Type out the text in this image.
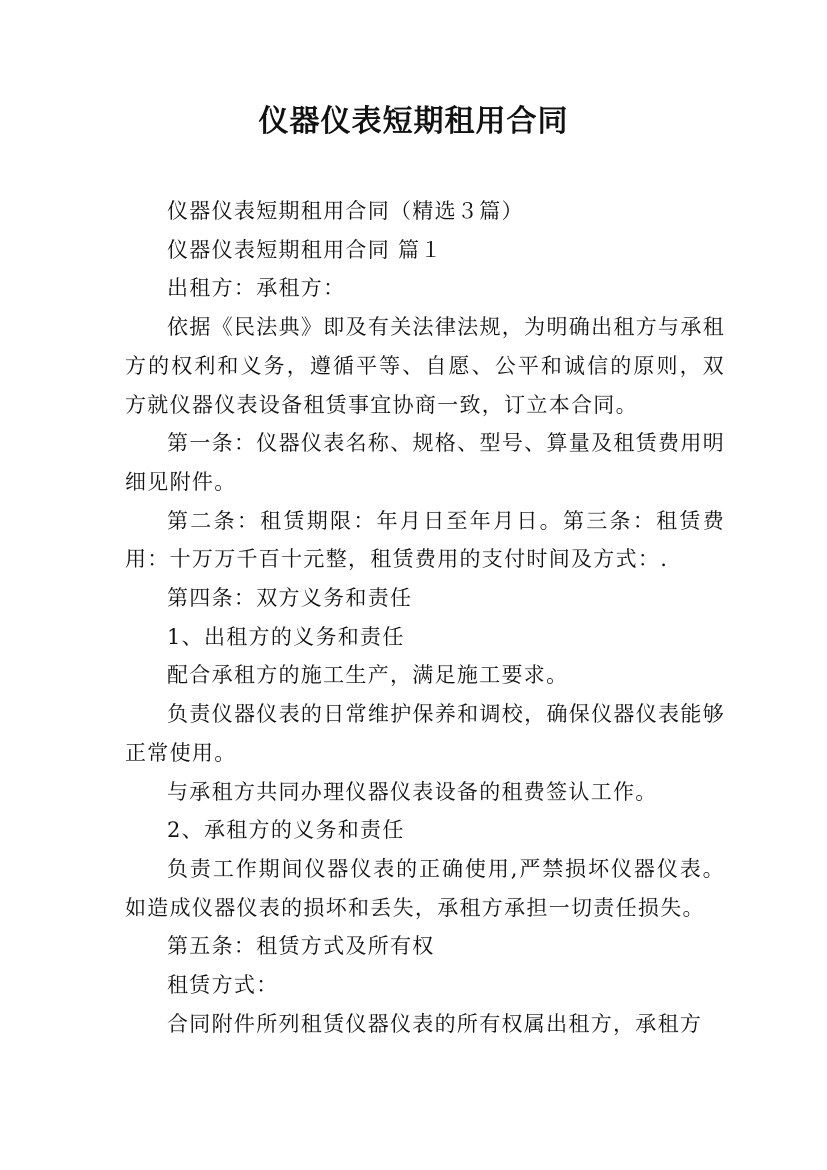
仪器仪表短期租用合同

仪器仪表短期租用合同（精选３篇）

仪器仪表短期租用合同 篇１

出租方：承租方：

依据《民法典》即及有关法律法规，为明确出租方与承租方的权利和义务，遵循平等、自愿、公平和诚信的原则，双方就仪器仪表设备租赁事宜协商一致，订立本合同。

第一条：仪器仪表名称、规格、型号、算量及租赁费用明细见附件。

第二条：租赁期限：年月日至年月日。第三条：租赁费用：十万万千百十元整，租赁费用的支付时间及方式：.

第四条：双方义务和责任

1、出租方的义务和责任

配合承租方的施工生产，满足施工要求。

负责仪器仪表的日常维护保养和调校，确保仪器仪表能够正常使用。

与承租方共同办理仪器仪表设备的租费签认工作。

2、承租方的义务和责任

负责工作期间仪器仪表的正确使用,严禁损坏仪器仪表。如造成仪器仪表的损坏和丢失，承租方承担一切责任损失。

第五条：租赁方式及所有权

租赁方式：

合同附件所列租赁仪器仪表的所有权属出租方，承租方
